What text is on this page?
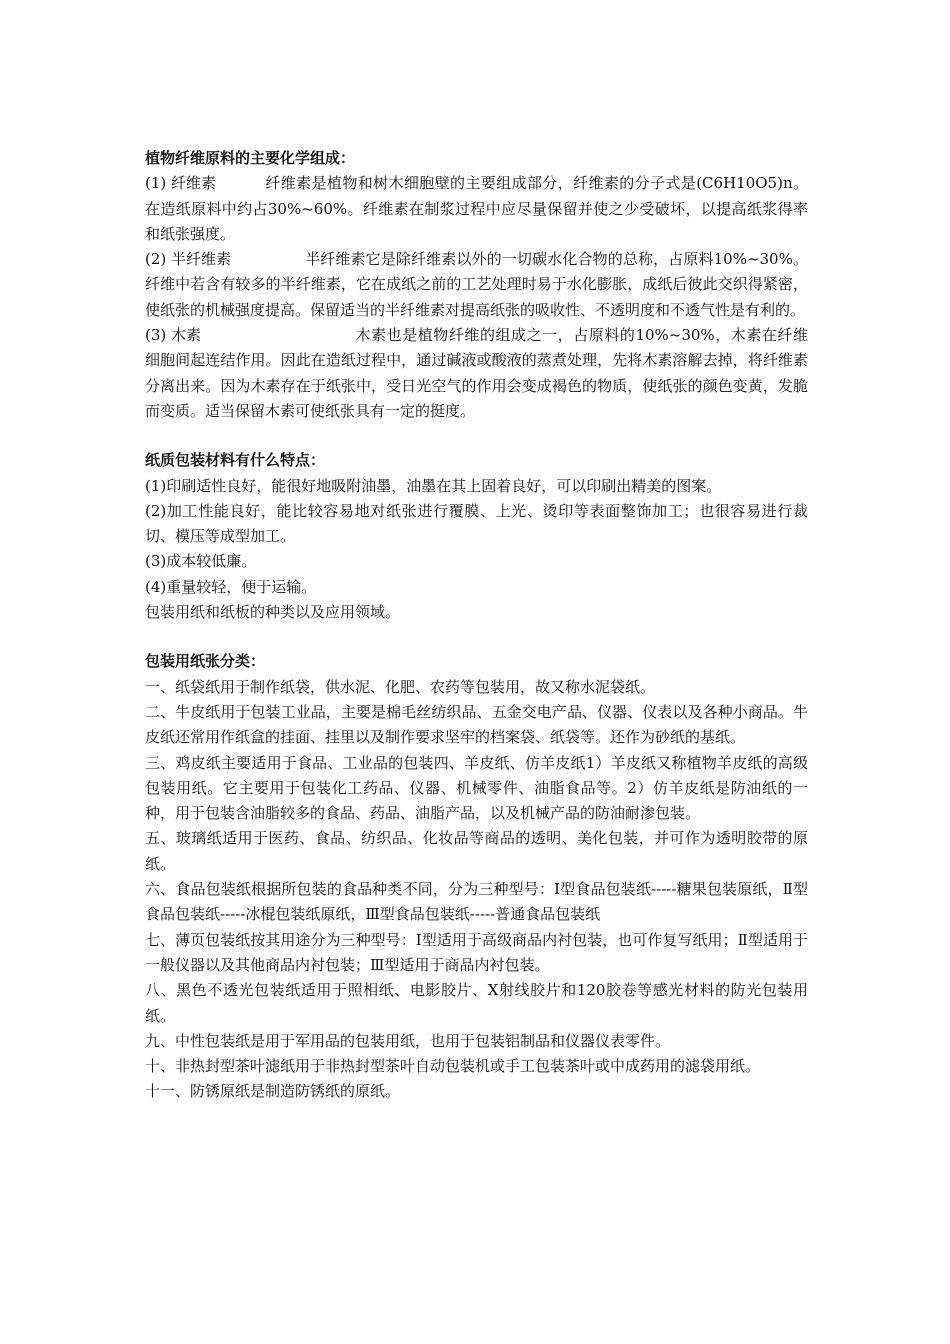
植物纤维原料的主要化学组成：

(1) 纤维素	纤维素是植物和树木细胞壁的主要组成部分，纤维素的分子式是(C6H10O5)n。在造纸原料中约占30%~60%。纤维素在制浆过程中应尽量保留并使之少受破坏，以提高纸浆得率和纸张强度。

(2) 半纤维素	半纤维素它是除纤维素以外的一切碳水化合物的总称，占原料10%~30%。纤维中若含有较多的半纤维素，它在成纸之前的工艺处理时易于水化膨胀，成纸后彼此交织得紧密，使纸张的机械强度提高。保留适当的半纤维素对提高纸张的吸收性、不透明度和不透气性是有利的。

(3) 木素	木素也是植物纤维的组成之一，占原料的10%~30%，木素在纤维细胞间起连结作用。因此在造纸过程中，通过碱液或酸液的蒸煮处理，先将木素溶解去掉，将纤维素分离出来。因为木素存在于纸张中，受日光空气的作用会变成褐色的物质，使纸张的颜色变黄，发脆而变质。适当保留木素可使纸张具有一定的挺度。

纸质包装材料有什么特点：

(1)印刷适性良好，能很好地吸附油墨，油墨在其上固着良好，可以印刷出精美的图案。

(2)加工性能良好，能比较容易地对纸张进行覆膜、上光、烫印等表面整饰加工；也很容易进行裁切、模压等成型加工。

(3)成本较低廉。

(4)重量较轻，便于运输。

包装用纸和纸板的种类以及应用领域。

包装用纸张分类：

一、纸袋纸用于制作纸袋，供水泥、化肥、农药等包装用，故又称水泥袋纸。

二、牛皮纸用于包装工业品，主要是棉毛丝纺织品、五金交电产品、仪器、仪表以及各种小商品。牛皮纸还常用作纸盒的挂面、挂里以及制作要求坚牢的档案袋、纸袋等。还作为砂纸的基纸。

三、鸡皮纸主要适用于食品、工业品的包装四、羊皮纸、仿羊皮纸1）羊皮纸又称植物羊皮纸的高级包装用纸。它主要用于包装化工药品、仪器、机械零件、油脂食品等。2）仿羊皮纸是防油纸的一种，用于包装含油脂较多的食品、药品、油脂产品，以及机械产品的防油耐渗包装。

五、玻璃纸适用于医药、食品、纺织品、化妆品等商品的透明、美化包装，并可作为透明胶带的原纸。

六、食品包装纸根据所包装的食品种类不同，分为三种型号：Ⅰ型食品包装纸-----糖果包装原纸，Ⅱ型食品包装纸-----冰棍包装纸原纸，Ⅲ型食品包装纸-----普通食品包装纸

七、薄页包装纸按其用途分为三种型号：Ⅰ型适用于高级商品内衬包装，也可作复写纸用；Ⅱ型适用于一般仪器以及其他商品内衬包装；Ⅲ型适用于商品内衬包装。

八、黑色不透光包装纸适用于照相纸、电影胶片、X射线胶片和120胶卷等感光材料的防光包装用纸。

九、中性包装纸是用于军用品的包装用纸，也用于包装铝制品和仪器仪表零件。

十、非热封型茶叶滤纸用于非热封型茶叶自动包装机或手工包装茶叶或中成药用的滤袋用纸。

十一、防锈原纸是制造防锈纸的原纸。
